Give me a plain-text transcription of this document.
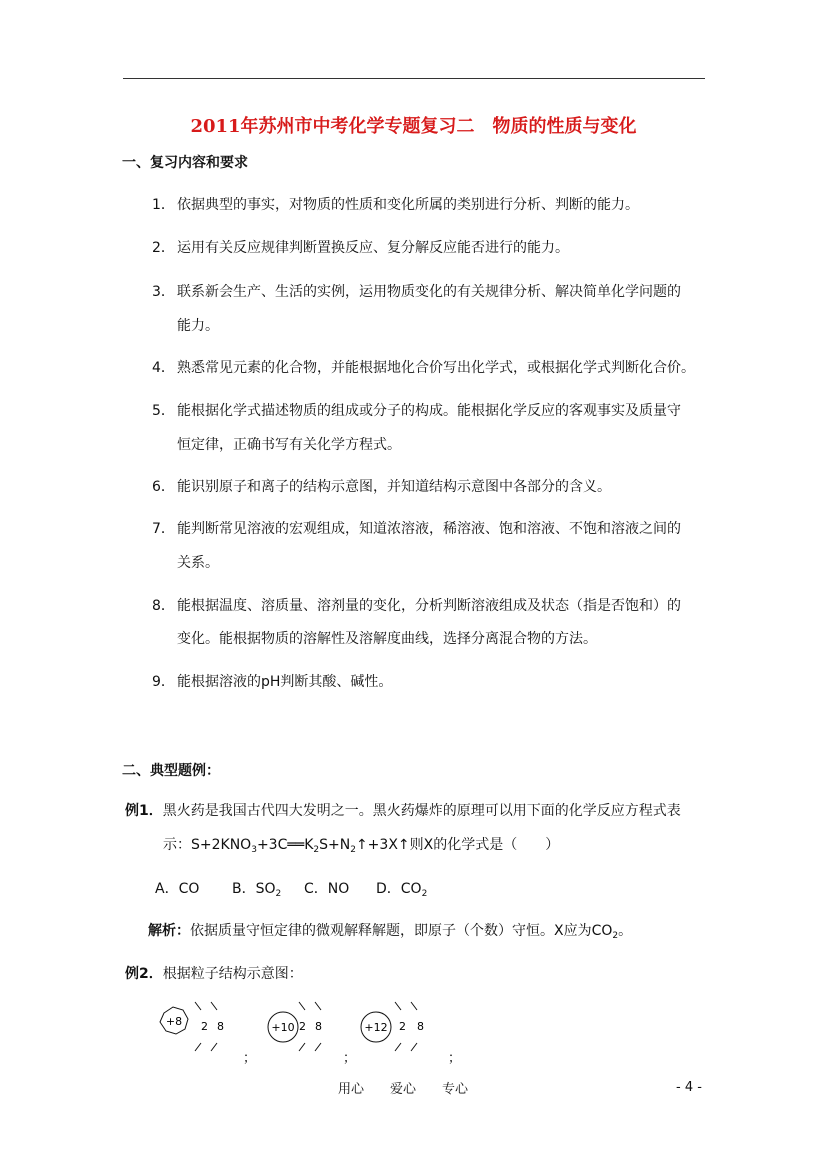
2011年苏州市中考化学专题复习二　物质的性质与变化
一、复习内容和要求
1． 依据典型的事实，对物质的性质和变化所属的类别进行分析、判断的能力。
2． 运用有关反应规律判断置换反应、复分解反应能否进行的能力。
3． 联系新会生产、生活的实例，运用物质变化的有关规律分析、解决简单化学问题的
能力。
4． 熟悉常见元素的化合物，并能根据地化合价写出化学式，或根据化学式判断化合价。
5． 能根据化学式描述物质的组成或分子的构成。能根据化学反应的客观事实及质量守
恒定律，正确书写有关化学方程式。
6． 能识别原子和离子的结构示意图，并知道结构示意图中各部分的含义。
7． 能判断常见溶液的宏观组成，知道浓溶液，稀溶液、饱和溶液、不饱和溶液之间的
关系。
8． 能根据温度、溶质量、溶剂量的变化，分析判断溶液组成及状态（指是否饱和）的
变化。能根据物质的溶解性及溶解度曲线，选择分离混合物的方法。
9． 能根据溶液的pH判断其酸、碱性。
二、典型题例：
例1．黑火药是我国古代四大发明之一。黑火药爆炸的原理可以用下面的化学反应方程式表
示：$S+2KNO_3+3C══K_2S+N_2↑+3X↑$则X的化学式是（　　）
A．CO B．$SO_2$ C．NO D．$CO_2$
解析：依据质量守恒定律的微观解释解题，即原子（个数）守恒。X应为$CO_2$。
例2．根据粒子结构示意图：
+8 2 8
；
+10 2 8
；
+12 2 8
；
用心 爱心 专心	- 4 -
